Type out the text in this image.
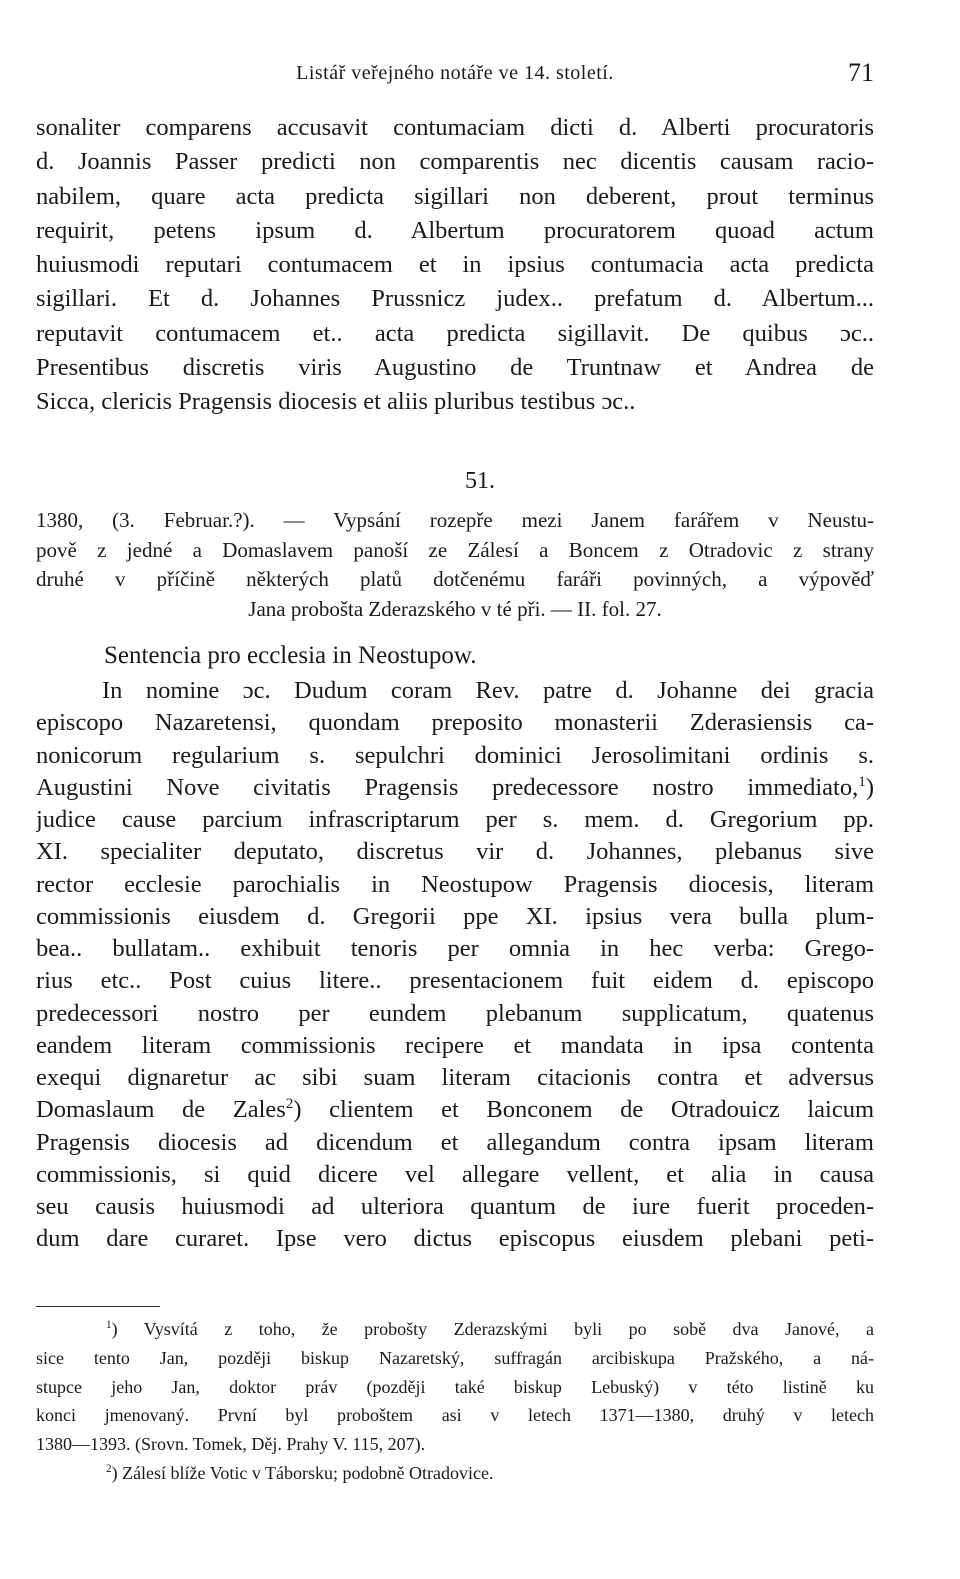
Listář veřejného notáře ve 14. století.	71
sonaliter comparens accusavit contumaciam dicti d. Alberti procuratoris
d. Joannis Passer predicti non comparentis nec dicentis causam racio-
nabilem, quare acta predicta sigillari non deberent, prout terminus
requirit, petens ipsum d. Albertum procuratorem quoad actum
huiusmodi reputari contumacem et in ipsius contumacia acta predicta
sigillari. Et d. Johannes Prussnicz judex.. prefatum d. Albertum...
reputavit contumacem et.. acta predicta sigillavit. De quibus ɔc..
Presentibus discretis viris Augustino de Truntnaw et Andrea de
Sicca, clericis Pragensis diocesis et aliis pluribus testibus ɔc..
51.
1380, (3. Februar.?). — Vypsání rozepře mezi Janem farářem v Neustu-
pově z jedné a Domaslavem panoší ze Zálesí a Boncem z Otradovic z strany
druhé v příčině některých platů dotčenému faráři povinných, a výpověď
Jana probošta Zderazského v té při. — II. fol. 27.
Sentencia pro ecclesia in Neostupow.
In nomine ɔc. Dudum coram Rev. patre d. Johanne dei gracia
episcopo Nazaretensi, quondam preposito monasterii Zderasiensis ca-
nonicorum regularium s. sepulchri dominici Jerosolimitani ordinis s.
Augustini Nove civitatis Pragensis predecessore nostro immediato,$^1$)
judice cause parcium infrascriptarum per s. mem. d. Gregorium pp.
XI. specialiter deputato, discretus vir d. Johannes, plebanus sive
rector ecclesie parochialis in Neostupow Pragensis diocesis, literam
commissionis eiusdem d. Gregorii ppe XI. ipsius vera bulla plum-
bea.. bullatam.. exhibuit tenoris per omnia in hec verba: Grego-
rius etc.. Post cuius litere.. presentacionem fuit eidem d. episcopo
predecessori nostro per eundem plebanum supplicatum, quatenus
eandem literam commissionis recipere et mandata in ipsa contenta
exequi dignaretur ac sibi suam literam citacionis contra et adversus
Domaslaum de Zales$^2$) clientem et Bonconem de Otradouicz laicum
Pragensis diocesis ad dicendum et allegandum contra ipsam literam
commissionis, si quid dicere vel allegare vellent, et alia in causa
seu causis huiusmodi ad ulteriora quantum de iure fuerit proceden-
dum dare curaret. Ipse vero dictus episcopus eiusdem plebani peti-
$^1$) Vysvítá z toho, že probošty Zderazskými byli po sobě dva Janové, a
sice tento Jan, později biskup Nazaretský, suffragán arcibiskupa Pražského, a ná-
stupce jeho Jan, doktor práv (později také biskup Lebuský) v této listině ku
konci jmenovaný. První byl proboštem asi v letech 1371—1380, druhý v letech
1380—1393. (Srovn. Tomek, Děj. Prahy V. 115, 207).
$^2$) Zálesí blíže Votic v Táborsku; podobně Otradovice.
